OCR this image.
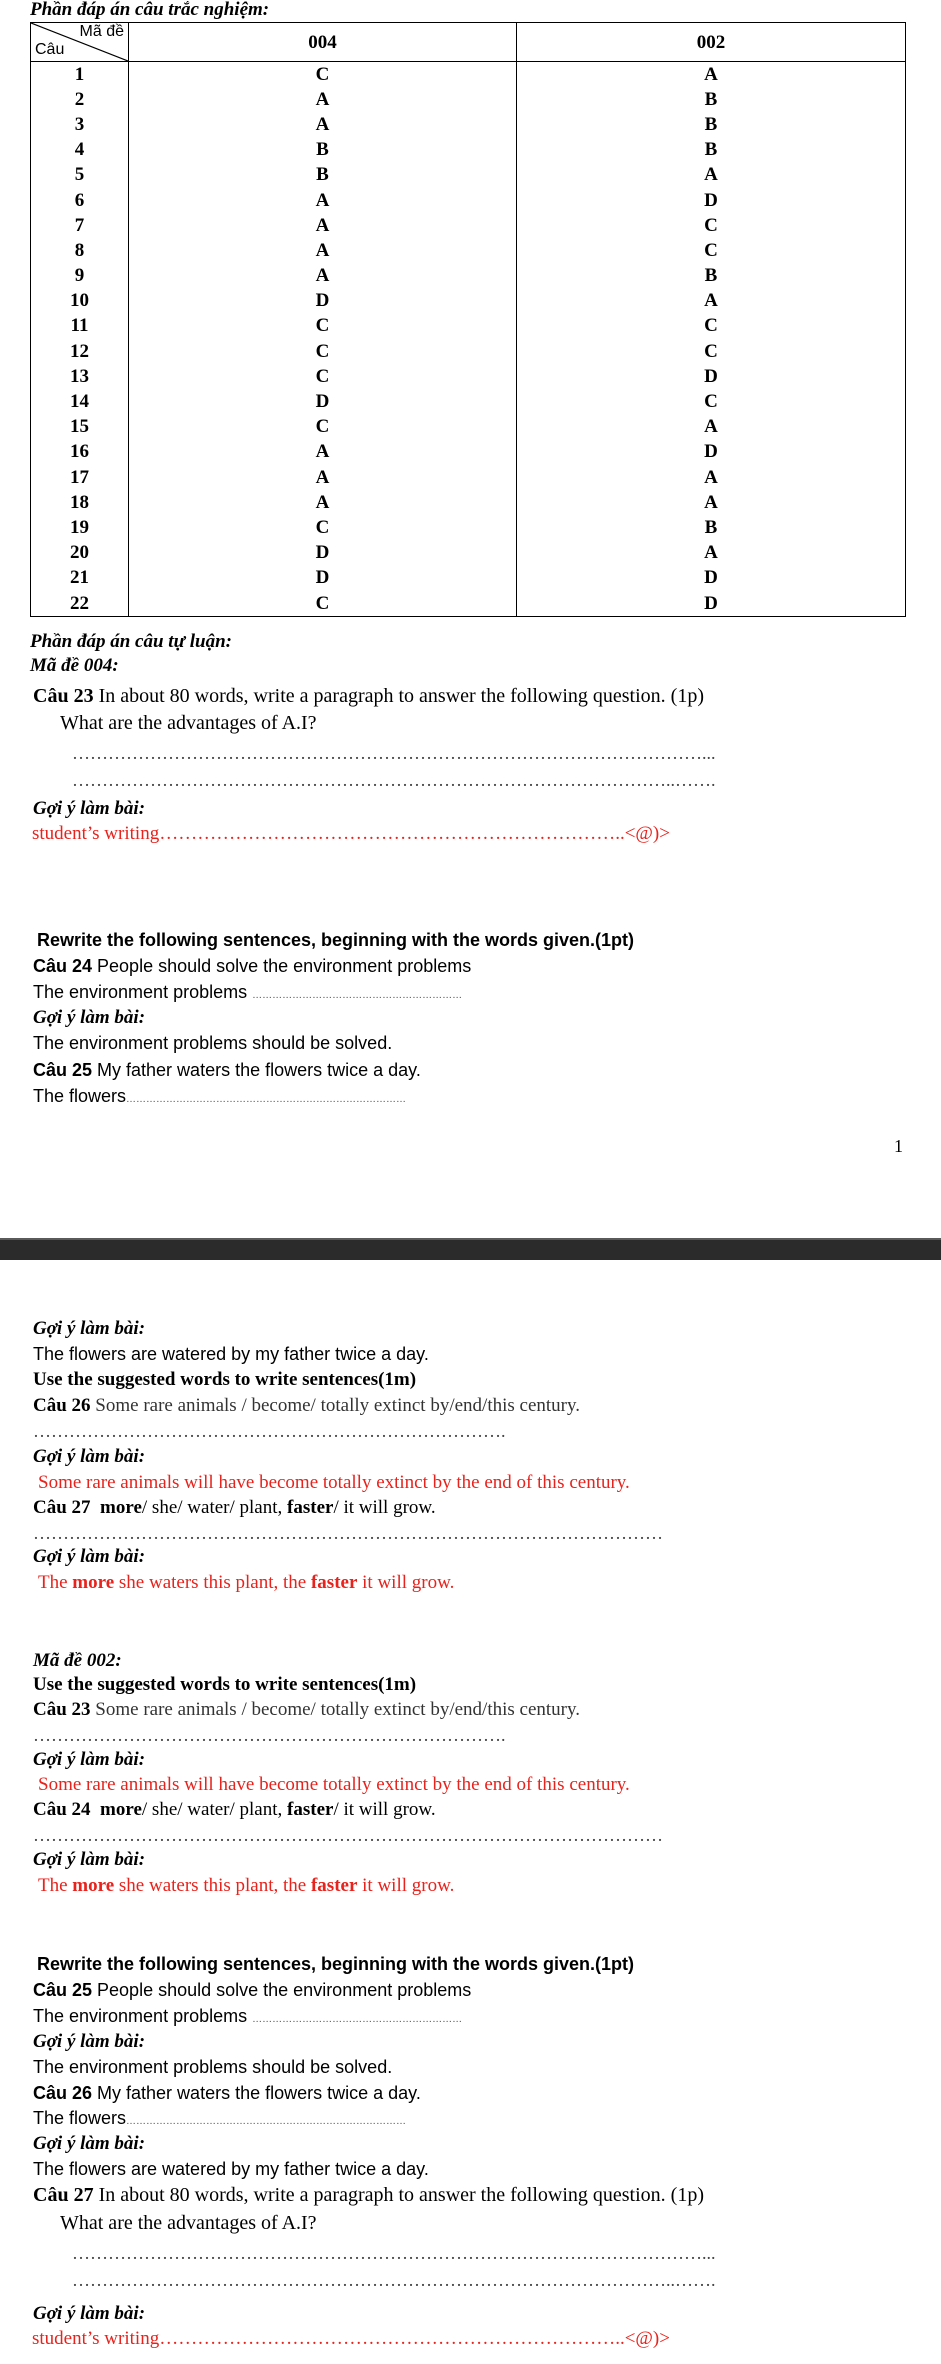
Phần đáp án câu trắc nghiệm:
Mã đề
Câu	004	002
1	C	A
2	A	B
3	A	B
4	B	B
5	B	A
6	A	D
7	A	C
8	A	C
9	A	B
10	D	A
11	C	C
12	C	C
13	C	D
14	D	C
15	C	A
16	A	D
17	A	A
18	A	A
19	C	B
20	D	A
21	D	D
22	C	D
Phần đáp án câu tự luận:
Mã đề 004:
Câu 23 In about 80 words, write a paragraph to answer the following question. (1p)
What are the advantages of A.I?
……………………………………………………………………………………………...
………………………………………………………………………………………..…….
Gợi ý làm bài:
student’s writing………………………………………………………………..<@)>
Rewrite the following sentences, beginning with the words given.(1pt)
Câu 24 People should solve the environment problems
The environment problems ………………………………………………………
Gợi ý làm bài:
The environment problems should be solved.
Câu 25 My father waters the flowers twice a day.
The flowers…………………………………………………………………………
1
Gợi ý làm bài:
The flowers are watered by my father twice a day.
Use the suggested words to write sentences(1m)
Câu 26 Some rare animals / become/ totally extinct by/end/this century.
…………………………………………………………………….
Gợi ý làm bài:
Some rare animals will have become totally extinct by the end of this century.
Câu 27 more/ she/ water/ plant, faster/ it will grow.
……………………………………………………………………………………………
Gợi ý làm bài:
The more she waters this plant, the faster it will grow.
Mã đề 002:
Use the suggested words to write sentences(1m)
Câu 23 Some rare animals / become/ totally extinct by/end/this century.
…………………………………………………………………….
Gợi ý làm bài:
Some rare animals will have become totally extinct by the end of this century.
Câu 24 more/ she/ water/ plant, faster/ it will grow.
……………………………………………………………………………………………
Gợi ý làm bài:
The more she waters this plant, the faster it will grow.
Rewrite the following sentences, beginning with the words given.(1pt)
Câu 25 People should solve the environment problems
The environment problems ………………………………………………………
Gợi ý làm bài:
The environment problems should be solved.
Câu 26 My father waters the flowers twice a day.
The flowers…………………………………………………………………………
Gợi ý làm bài:
The flowers are watered by my father twice a day.
Câu 27 In about 80 words, write a paragraph to answer the following question. (1p)
What are the advantages of A.I?
……………………………………………………………………………………………...
………………………………………………………………………………………..…….
Gợi ý làm bài:
student’s writing………………………………………………………………..<@)>
